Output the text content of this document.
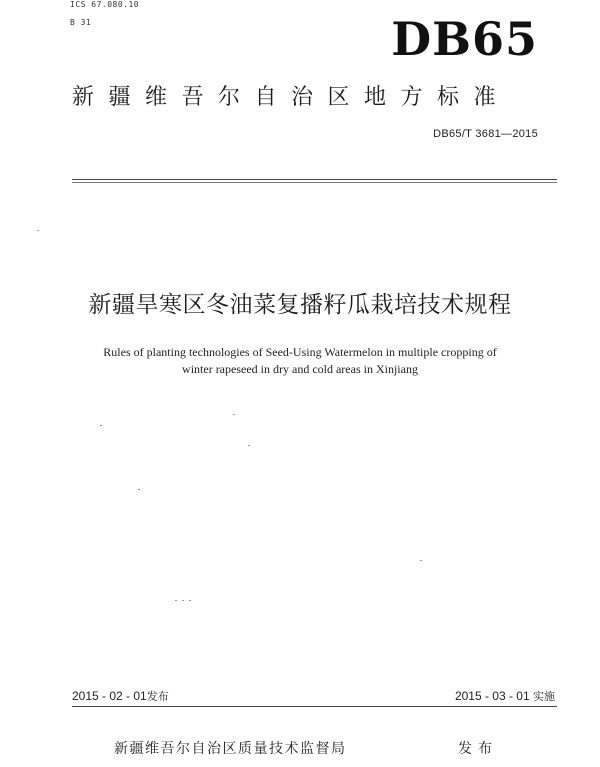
ICS 67.080.10
B 31	DB65
新疆维吾尔自治区地方标准
DB65/T 3681—2015
新疆旱寒区冬油菜复播籽瓜栽培技术规程
Rules of planting technologies of Seed-Using Watermelon in multiple cropping of
winter rapeseed in dry and cold areas in Xinjiang
2015 - 02 - 01发布	2015 - 03 - 01 实施
新疆维吾尔自治区质量技术监督局	发布
